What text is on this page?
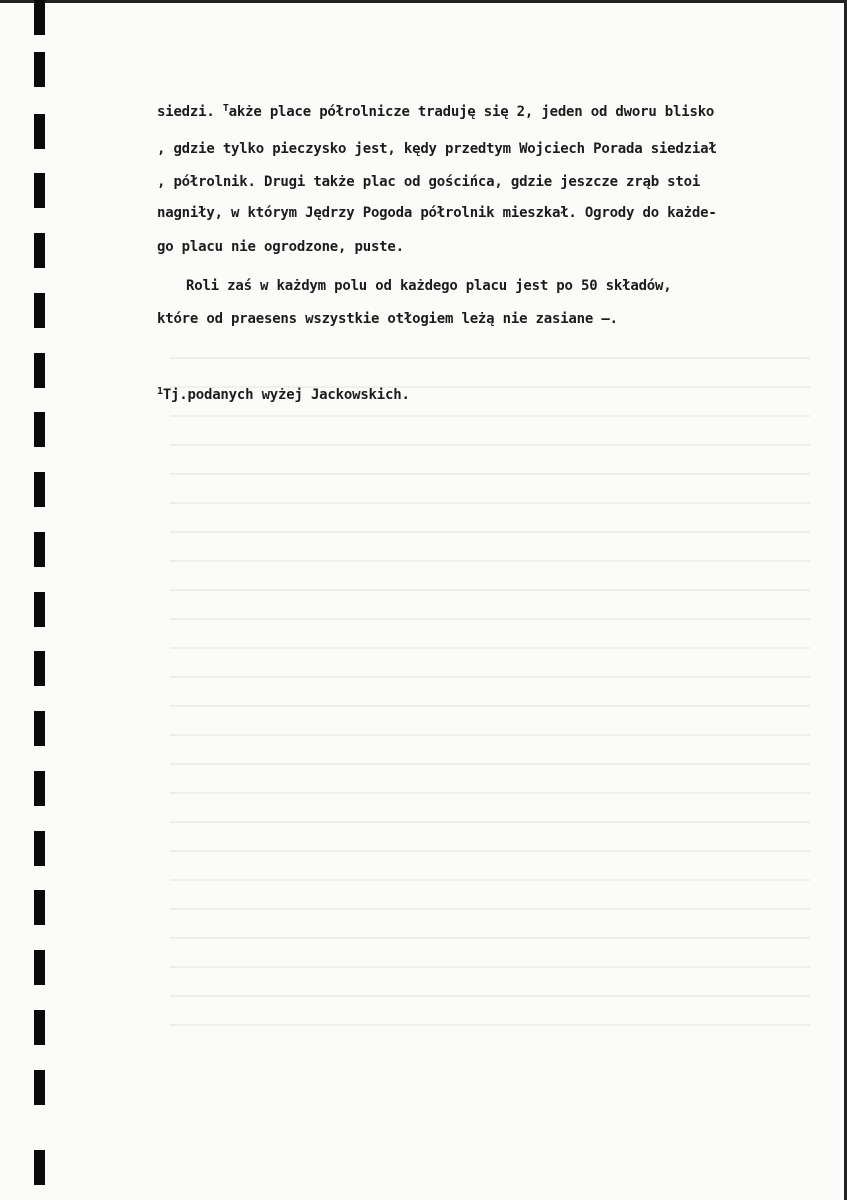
siedzi. $^T$akże place półrolnicze traduję się 2, jeden od dworu blisko
, gdzie tylko pieczysko jest, kędy przedtym Wojciech Porada siedział
, półrolnik. Drugi także plac od gościńca, gdzie jeszcze zrąb stoi
nagniły, w którym Jędrzy Pogoda półrolnik mieszkał. Ogrody do każde-
go placu nie ogrodzone, puste.
Roli zaś w każdym polu od każdego placu jest po 50 składów,
które od praesens wszystkie otłogiem leżą nie zasiane —.
$^1$Tj.podanych wyżej Jackowskich.
